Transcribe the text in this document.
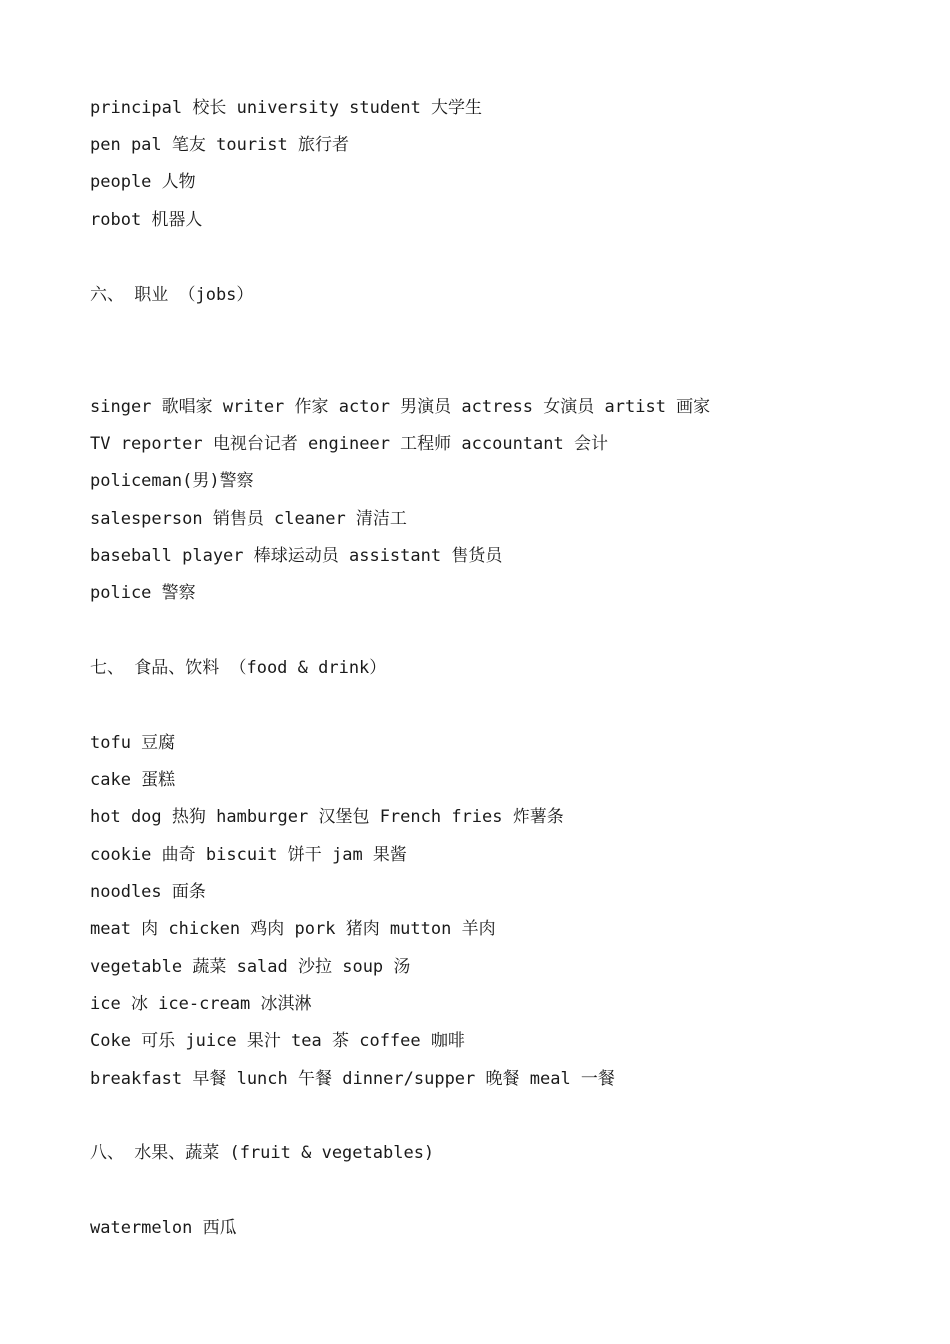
principal 校长 university student 大学生
pen pal 笔友 tourist 旅行者
people 人物
robot 机器人
六、 职业 （jobs）
singer 歌唱家 writer 作家 actor 男演员 actress 女演员 artist 画家
TV reporter 电视台记者 engineer 工程师 accountant 会计
policeman(男)警察
salesperson 销售员 cleaner 清洁工
baseball player 棒球运动员 assistant 售货员
police 警察
七、 食品、饮料 （food & drink）
tofu 豆腐
cake 蛋糕
hot dog 热狗 hamburger 汉堡包 French fries 炸薯条
cookie 曲奇 biscuit 饼干 jam 果酱
noodles 面条
meat 肉 chicken 鸡肉 pork 猪肉 mutton 羊肉
vegetable 蔬菜 salad 沙拉 soup 汤
ice 冰 ice-cream 冰淇淋
Coke 可乐 juice 果汁 tea 茶 coffee 咖啡
breakfast 早餐 lunch 午餐 dinner/supper 晚餐 meal 一餐
八、 水果、蔬菜 (fruit & vegetables)
watermelon 西瓜
